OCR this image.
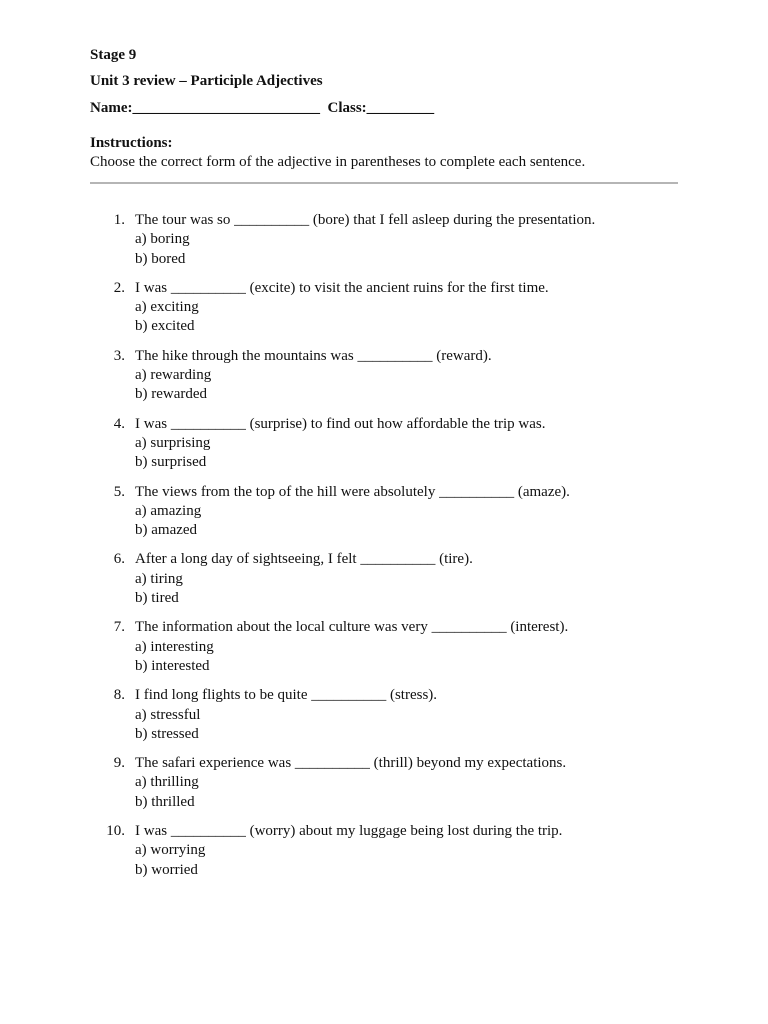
Stage 9
Unit 3 review – Participle Adjectives
Name:_________________________ Class:_________
Instructions:
Choose the correct form of the adjective in parentheses to complete each sentence.
1. The tour was so __________ (bore) that I fell asleep during the presentation.
a) boring
b) bored
2. I was __________ (excite) to visit the ancient ruins for the first time.
a) exciting
b) excited
3. The hike through the mountains was __________ (reward).
a) rewarding
b) rewarded
4. I was __________ (surprise) to find out how affordable the trip was.
a) surprising
b) surprised
5. The views from the top of the hill were absolutely __________ (amaze).
a) amazing
b) amazed
6. After a long day of sightseeing, I felt __________ (tire).
a) tiring
b) tired
7. The information about the local culture was very __________ (interest).
a) interesting
b) interested
8. I find long flights to be quite __________ (stress).
a) stressful
b) stressed
9. The safari experience was __________ (thrill) beyond my expectations.
a) thrilling
b) thrilled
10. I was __________ (worry) about my luggage being lost during the trip.
a) worrying
b) worried
